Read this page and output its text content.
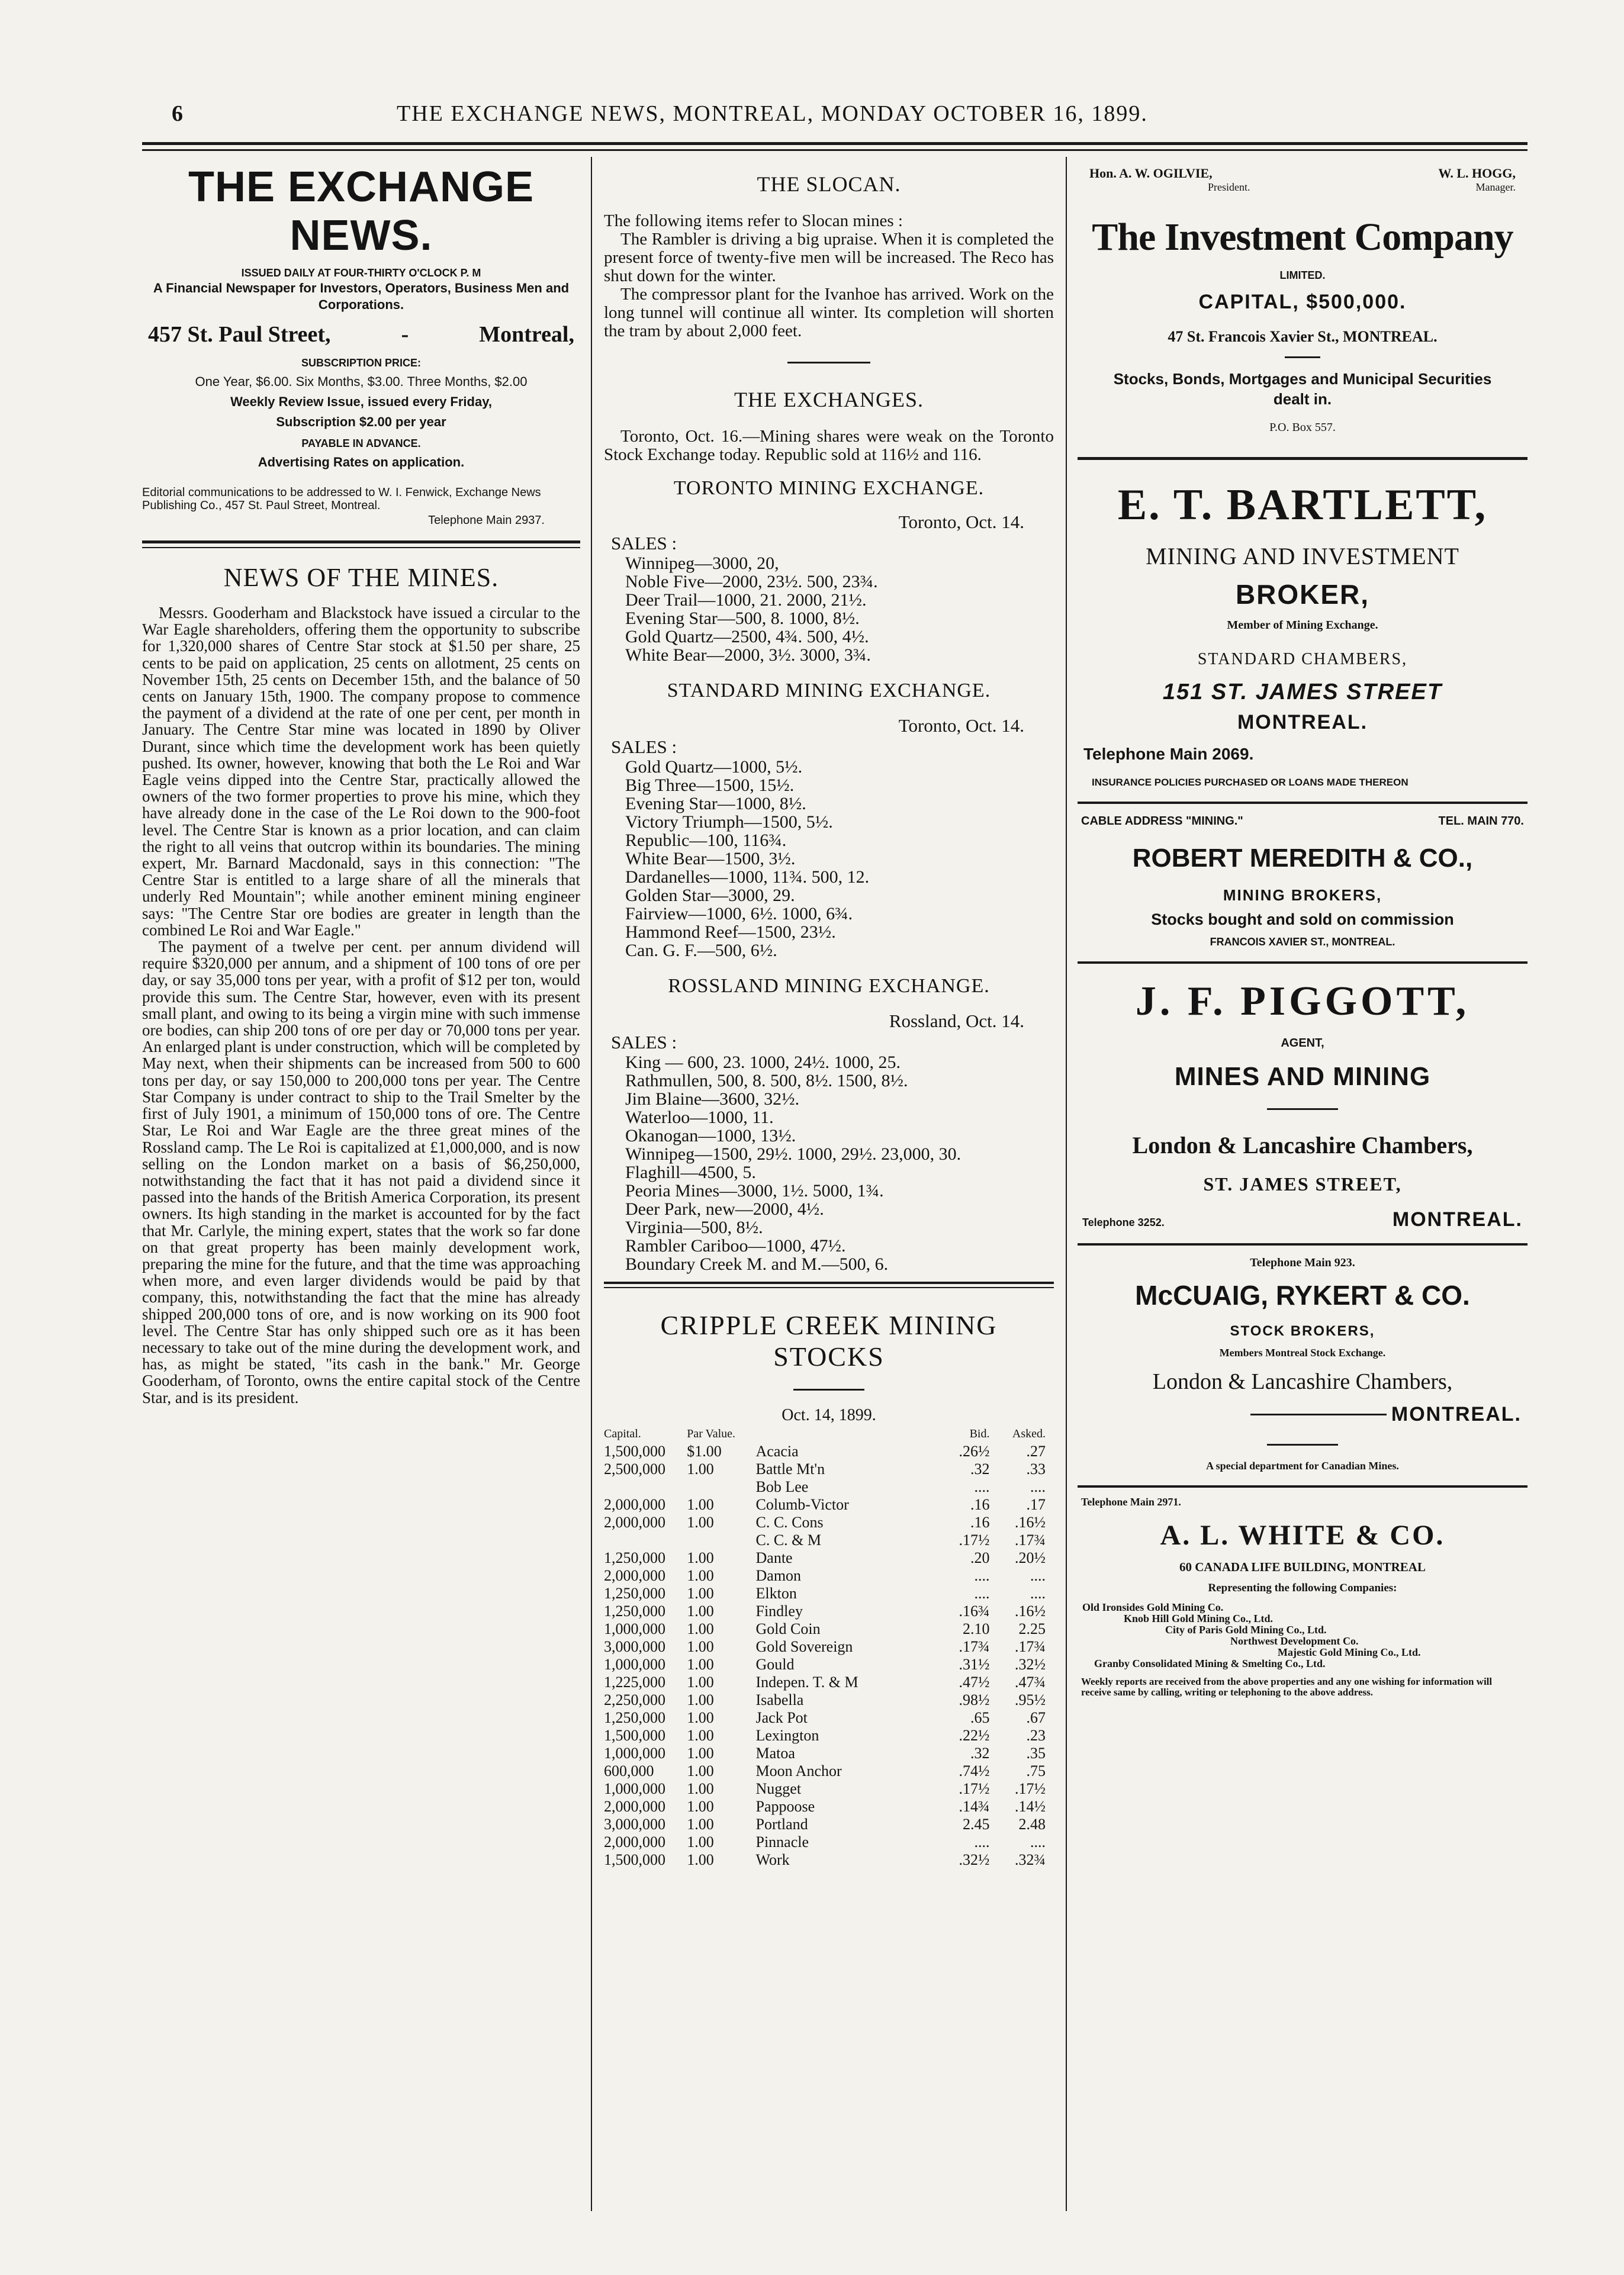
6	THE EXCHANGE NEWS, MONTREAL, MONDAY OCTOBER 16, 1899.
THE EXCHANGE NEWS.
ISSUED DAILY AT FOUR-THIRTY O'CLOCK P. M
A Financial Newspaper for Investors, Operators, Business Men and Corporations.
457 St. Paul Street,	-	Montreal,
SUBSCRIPTION PRICE:
One Year, $6.00. Six Months, $3.00. Three Months, $2.00
Weekly Review Issue, issued every Friday,
Subscription $2.00 per year
PAYABLE IN ADVANCE.
Advertising Rates on application.
Editorial communications to be addressed to W. I. Fenwick, Exchange News Publishing Co., 457 St. Paul Street, Montreal.
Telephone Main 2937.
NEWS OF THE MINES.

Messrs. Gooderham and Blackstock have issued a circular to the War Eagle shareholders, offering them the opportunity to subscribe for 1,320,000 shares of Centre Star stock at $1.50 per share, 25 cents to be paid on application, 25 cents on allotment, 25 cents on November 15th, 25 cents on December 15th, and the balance of 50 cents on January 15th, 1900. The company propose to commence the payment of a dividend at the rate of one per cent, per month in January. The Centre Star mine was located in 1890 by Oliver Durant, since which time the development work has been quietly pushed. Its owner, however, knowing that both the Le Roi and War Eagle veins dipped into the Centre Star, practically allowed the owners of the two former properties to prove his mine, which they have already done in the case of the Le Roi down to the 900-foot level. The Centre Star is known as a prior location, and can claim the right to all veins that outcrop within its boundaries. The mining expert, Mr. Barnard Macdonald, says in this connection: "The Centre Star is entitled to a large share of all the minerals that underly Red Mountain"; while another eminent mining engineer says: "The Centre Star ore bodies are greater in length than the combined Le Roi and War Eagle."

The payment of a twelve per cent. per annum dividend will require $320,000 per annum, and a shipment of 100 tons of ore per day, or say 35,000 tons per year, with a profit of $12 per ton, would provide this sum. The Centre Star, however, even with its present small plant, and owing to its being a virgin mine with such immense ore bodies, can ship 200 tons of ore per day or 70,000 tons per year. An enlarged plant is under construction, which will be completed by May next, when their shipments can be increased from 500 to 600 tons per day, or say 150,000 to 200,000 tons per year. The Centre Star Company is under contract to ship to the Trail Smelter by the first of July 1901, a minimum of 150,000 tons of ore. The Centre Star, Le Roi and War Eagle are the three great mines of the Rossland camp. The Le Roi is capitalized at £1,000,000, and is now selling on the London market on a basis of $6,250,000, notwithstanding the fact that it has not paid a dividend since it passed into the hands of the British America Corporation, its present owners. Its high standing in the market is accounted for by the fact that Mr. Carlyle, the mining expert, states that the work so far done on that great property has been mainly development work, preparing the mine for the future, and that the time was approaching when more, and even larger dividends would be paid by that company, this, notwithstanding the fact that the mine has already shipped 200,000 tons of ore, and is now working on its 900 foot level. The Centre Star has only shipped such ore as it has been necessary to take out of the mine during the development work, and has, as might be stated, "its cash in the bank." Mr. George Gooderham, of Toronto, owns the entire capital stock of the Centre Star, and is its president.

THE SLOCAN.

The following items refer to Slocan mines :

The Rambler is driving a big upraise. When it is completed the present force of twenty-five men will be increased. The Reco has shut down for the winter.

The compressor plant for the Ivanhoe has arrived. Work on the long tunnel will continue all winter. Its completion will shorten the tram by about 2,000 feet.

THE EXCHANGES.

Toronto, Oct. 16.—Mining shares were weak on the Toronto Stock Exchange today. Republic sold at 116½ and 116.

TORONTO MINING EXCHANGE.
Toronto, Oct. 14.
SALES :
Winnipeg—3000, 20,
Noble Five—2000, 23½. 500, 23¾.
Deer Trail—1000, 21. 2000, 21½.
Evening Star—500, 8. 1000, 8½.
Gold Quartz—2500, 4¾. 500, 4½.
White Bear—2000, 3½. 3000, 3¾.
STANDARD MINING EXCHANGE.
Toronto, Oct. 14.
SALES :
Gold Quartz—1000, 5½.
Big Three—1500, 15½.
Evening Star—1000, 8½.
Victory Triumph—1500, 5½.
Republic—100, 116¾.
White Bear—1500, 3½.
Dardanelles—1000, 11¾. 500, 12.
Golden Star—3000, 29.
Fairview—1000, 6½. 1000, 6¾.
Hammond Reef—1500, 23½.
Can. G. F.—500, 6½.
ROSSLAND MINING EXCHANGE.
Rossland, Oct. 14.
SALES :
King — 600, 23. 1000, 24½. 1000, 25.
Rathmullen, 500, 8. 500, 8½. 1500, 8½.
Jim Blaine—3600, 32½.
Waterloo—1000, 11.
Okanogan—1000, 13½.
Winnipeg—1500, 29½. 1000, 29½. 23,000, 30.
Flaghill—4500, 5.
Peoria Mines—3000, 1½. 5000, 1¾.
Deer Park, new—2000, 4½.
Virginia—500, 8½.
Rambler Cariboo—1000, 47½.
Boundary Creek M. and M.—500, 6.
CRIPPLE CREEK MINING STOCKS
Oct. 14, 1899.
Capital.	Par Value.		Bid.	Asked.
1,500,000	$1.00	Acacia	.26½	.27
2,500,000	1.00	Battle Mt'n	.32	.33
		Bob Lee	....	....
2,000,000	1.00	Columb-Victor	.16	.17
2,000,000	1.00	C. C. Cons	.16	.16½
		C. C. & M	.17½	.17¾
1,250,000	1.00	Dante	.20	.20½
2,000,000	1.00	Damon	....	....
1,250,000	1.00	Elkton	....	....
1,250,000	1.00	Findley	.16¾	.16½
1,000,000	1.00	Gold Coin	2.10	2.25
3,000,000	1.00	Gold Sovereign	.17¾	.17¾
1,000,000	1.00	Gould	.31½	.32½
1,225,000	1.00	Indepen. T. & M	.47½	.47¾
2,250,000	1.00	Isabella	.98½	.95½
1,250,000	1.00	Jack Pot	.65	.67
1,500,000	1.00	Lexington	.22½	.23
1,000,000	1.00	Matoa	.32	.35
600,000	1.00	Moon Anchor	.74½	.75
1,000,000	1.00	Nugget	.17½	.17½
2,000,000	1.00	Pappoose	.14¾	.14½
3,000,000	1.00	Portland	2.45	2.48
2,000,000	1.00	Pinnacle	....	....
1,500,000	1.00	Work	.32½	.32¾
Hon. A. W. OGILVIE,	W. L. HOGG,
President.	Manager.
The Investment Company
LIMITED.
CAPITAL, $500,000.
47 St. Francois Xavier St., MONTREAL.
Stocks, Bonds, Mortgages and Municipal Securities dealt in.
P.O. Box 557.
E. T. BARTLETT,
MINING AND INVESTMENT
BROKER,
Member of Mining Exchange.
STANDARD CHAMBERS,
151 ST. JAMES STREET
MONTREAL.
Telephone Main 2069.
INSURANCE POLICIES PURCHASED OR LOANS MADE THEREON
CABLE ADDRESS "MINING."	TEL. MAIN 770.
ROBERT MEREDITH & CO.,
MINING BROKERS,
Stocks bought and sold on commission
FRANCOIS XAVIER ST., MONTREAL.
J. F. PIGGOTT,
AGENT,
MINES AND MINING
London & Lancashire Chambers,
ST. JAMES STREET,
Telephone 3252.	MONTREAL.
Telephone Main 923.
McCUAIG, RYKERT & CO.
STOCK BROKERS,
Members Montreal Stock Exchange.
London & Lancashire Chambers,
MONTREAL.
A special department for Canadian Mines.
Telephone Main 2971.
A. L. WHITE & CO.
60 CANADA LIFE BUILDING, MONTREAL
Representing the following Companies:
Old Ironsides Gold Mining Co.
Knob Hill Gold Mining Co., Ltd.
City of Paris Gold Mining Co., Ltd.
Northwest Development Co.
Majestic Gold Mining Co., Ltd.
Granby Consolidated Mining & Smelting Co., Ltd.
Weekly reports are received from the above properties and any one wishing for information will receive same by calling, writing or telephoning to the above address.
